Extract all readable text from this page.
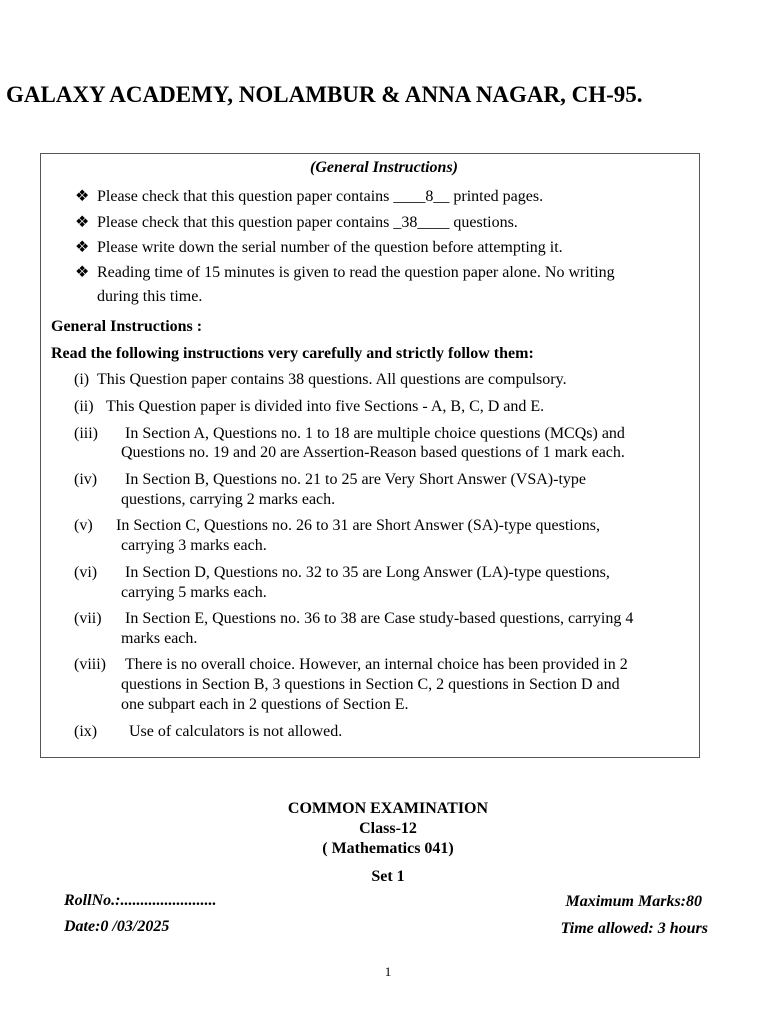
GALAXY ACADEMY, NOLAMBUR & ANNA NAGAR, CH-95.
(General Instructions)
❖ Please check that this question paper contains ____8__ printed pages.
❖ Please check that this question paper contains _38____ questions.
❖ Please write down the serial number of the question before attempting it.
❖ Reading time of 15 minutes is given to read the question paper alone. No writing
during this time.
General Instructions :
Read the following instructions very carefully and strictly follow them:
(i) This Question paper contains 38 questions. All questions are compulsory.
(ii) This Question paper is divided into five Sections - A, B, C, D and E.
(iii) In Section A, Questions no. 1 to 18 are multiple choice questions (MCQs) and
Questions no. 19 and 20 are Assertion-Reason based questions of 1 mark each.
(iv) In Section B, Questions no. 21 to 25 are Very Short Answer (VSA)-type
questions, carrying 2 marks each.
(v) In Section C, Questions no. 26 to 31 are Short Answer (SA)-type questions,
carrying 3 marks each.
(vi) In Section D, Questions no. 32 to 35 are Long Answer (LA)-type questions,
carrying 5 marks each.
(vii) In Section E, Questions no. 36 to 38 are Case study-based questions, carrying 4
marks each.
(viii) There is no overall choice. However, an internal choice has been provided in 2
questions in Section B, 3 questions in Section C, 2 questions in Section D and
one subpart each in 2 questions of Section E.
(ix) Use of calculators is not allowed.
COMMON EXAMINATION
Class-12
( Mathematics 041)
Set 1
RollNo.:........................
Date:0 /03/2025
Maximum Marks:80
Time allowed: 3 hours
1
